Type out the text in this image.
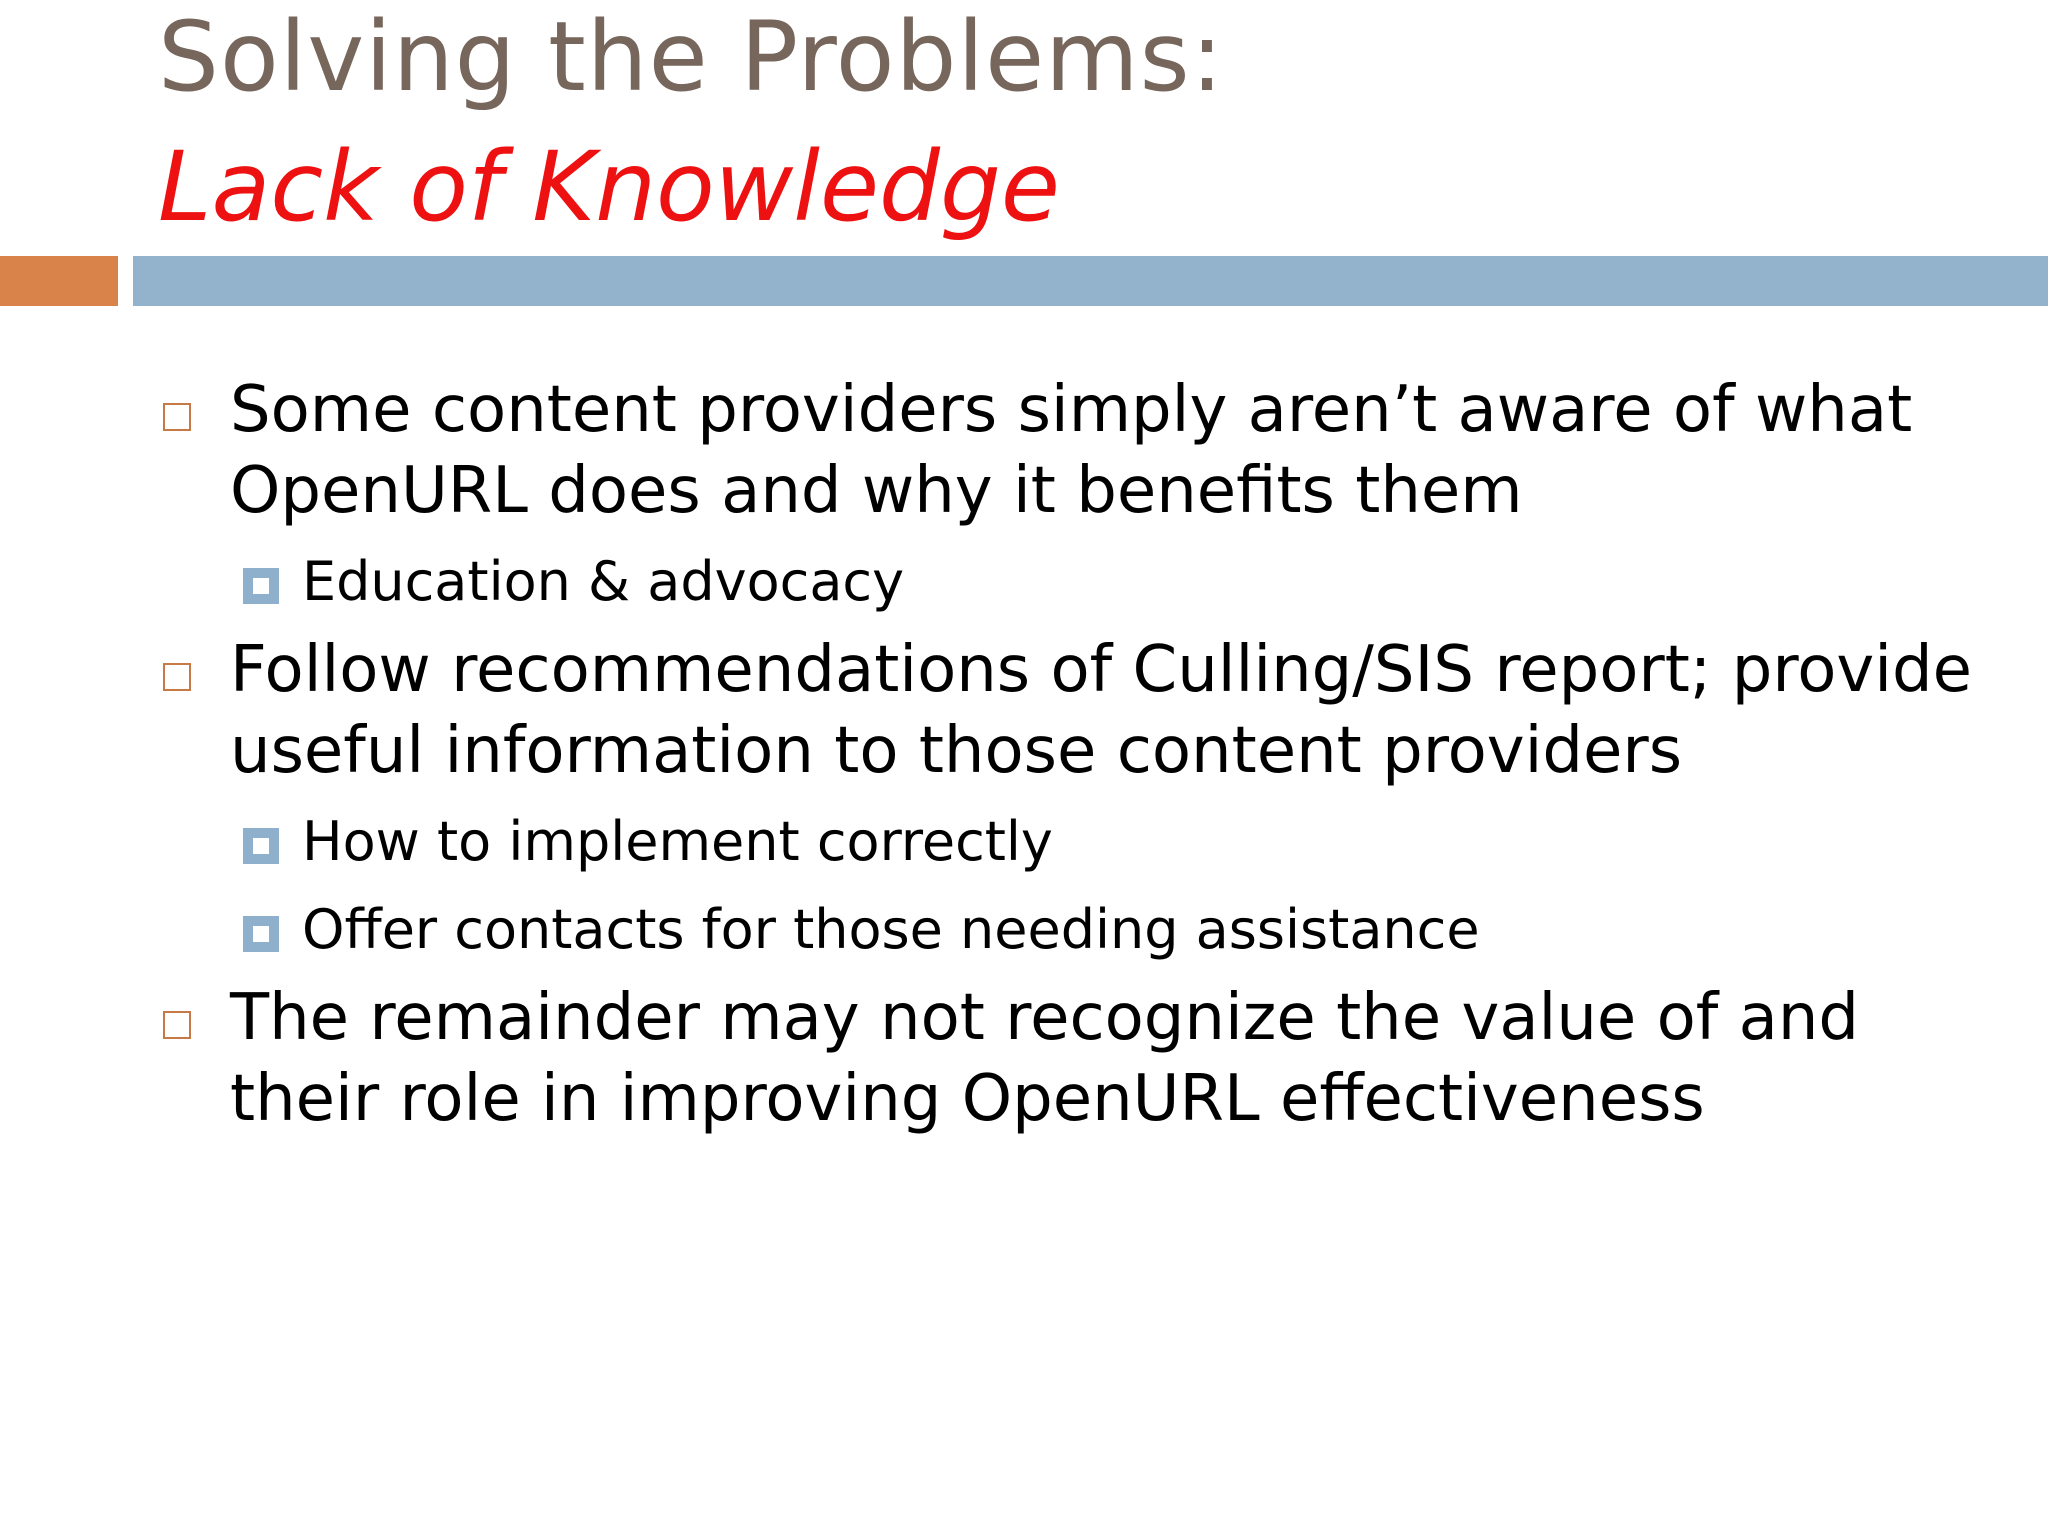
Solving the Problems:
Lack of Knowledge
Some content providers simply aren’t aware of what OpenURL does and why it benefits them
Education & advocacy
Follow recommendations of Culling/SIS report; provide useful information to those content providers
How to implement correctly
Offer contacts for those needing assistance
The remainder may not recognize the value of and their role in improving OpenURL effectiveness
